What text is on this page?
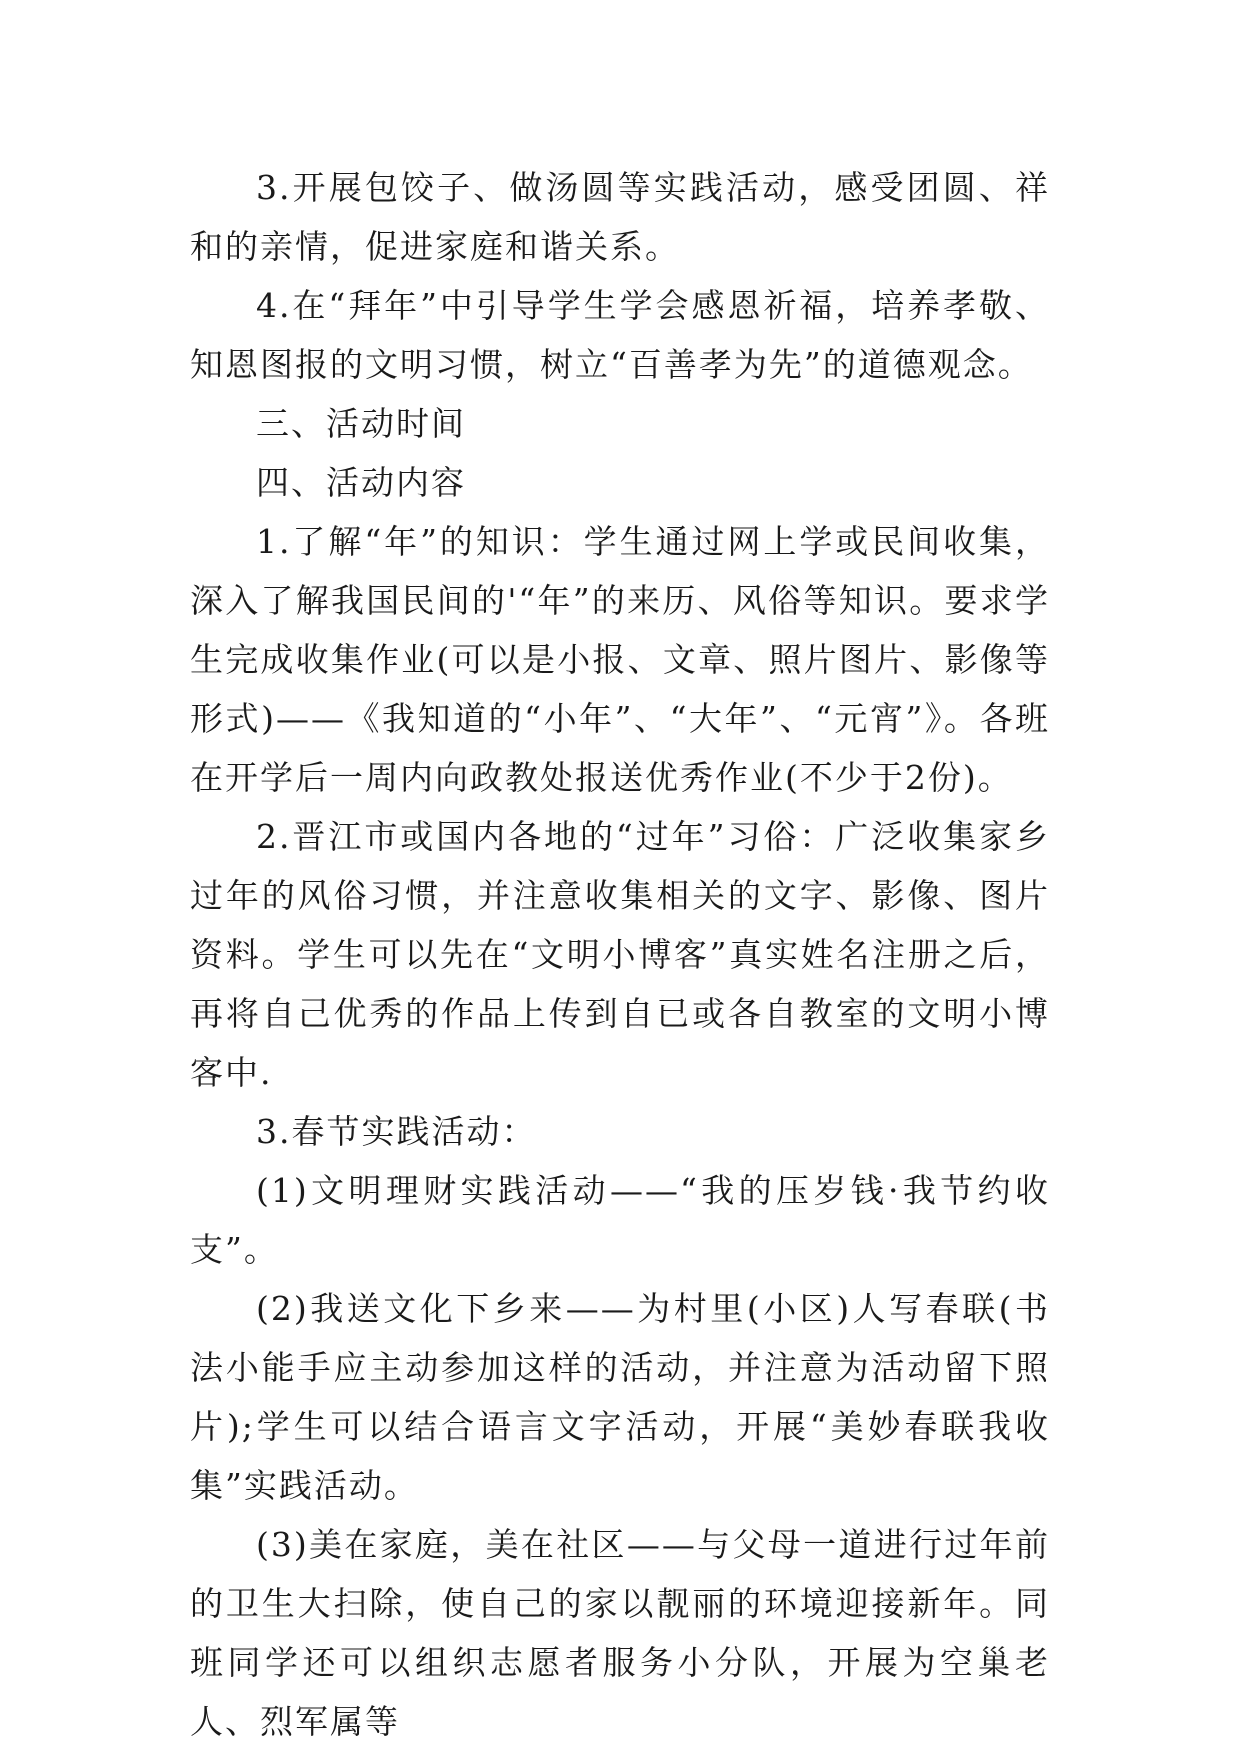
3.开展包饺子、做汤圆等实践活动，感受团圆、祥和的亲情，促进家庭和谐关系。

4.在“拜年”中引导学生学会感恩祈福，培养孝敬、知恩图报的文明习惯，树立“百善孝为先”的道德观念。

三、活动时间

四、活动内容

1.了解“年”的知识：学生通过网上学或民间收集，深入了解我国民间的'“年”的来历、风俗等知识。要求学生完成收集作业(可以是小报、文章、照片图片、影像等形式)——《我知道的“小年”、“大年”、“元宵”》。各班在开学后一周内向政教处报送优秀作业(不少于2份)。

2.晋江市或国内各地的“过年”习俗：广泛收集家乡过年的风俗习惯，并注意收集相关的文字、影像、图片资料。学生可以先在“文明小博客”真实姓名注册之后，再将自己优秀的作品上传到自已或各自教室的文明小博客中.

3.春节实践活动：

(1)文明理财实践活动——“我的压岁钱·我节约收支”。

(2)我送文化下乡来——为村里(小区)人写春联(书法小能手应主动参加这样的活动，并注意为活动留下照片);学生可以结合语言文字活动，开展“美妙春联我收集”实践活动。

(3)美在家庭，美在社区——与父母一道进行过年前的卫生大扫除，使自己的家以靓丽的环境迎接新年。同班同学还可以组织志愿者服务小分队，开展为空巢老人、烈军属等
